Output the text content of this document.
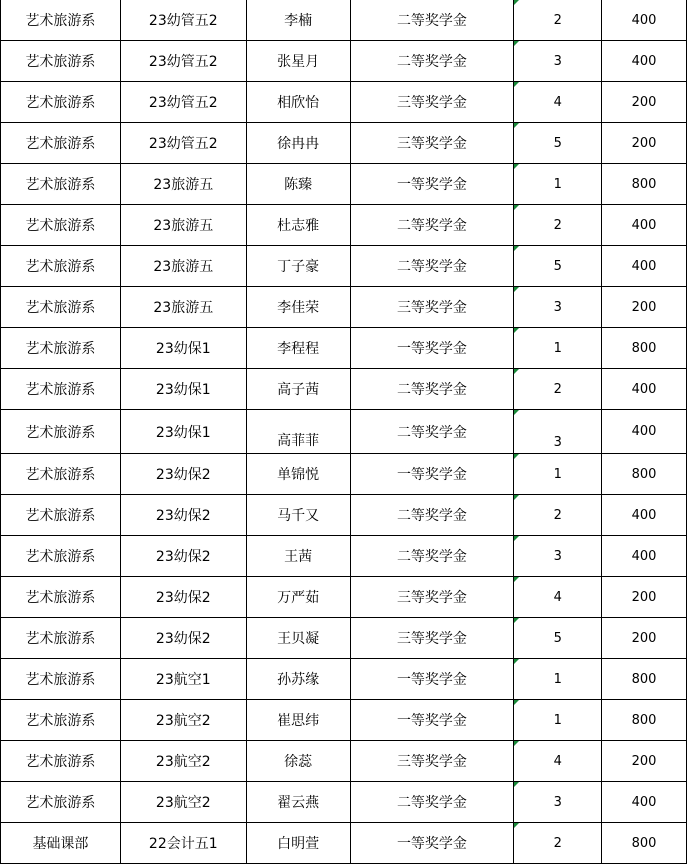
艺术旅游系	23幼管五2	李楠	二等奖学金	2	400
艺术旅游系	23幼管五2	张星月	二等奖学金	3	400
艺术旅游系	23幼管五2	相欣怡	三等奖学金	4	200
艺术旅游系	23幼管五2	徐冉冉	三等奖学金	5	200
艺术旅游系	23旅游五	陈臻	一等奖学金	1	800
艺术旅游系	23旅游五	杜志雅	二等奖学金	2	400
艺术旅游系	23旅游五	丁子豪	二等奖学金	5	400
艺术旅游系	23旅游五	李佳荣	三等奖学金	3	200
艺术旅游系	23幼保1	李程程	一等奖学金	1	800
艺术旅游系	23幼保1	高子茜	二等奖学金	2	400
艺术旅游系	23幼保1	高菲菲	二等奖学金	3	400
艺术旅游系	23幼保2	单锦悦	一等奖学金	1	800
艺术旅游系	23幼保2	马千又	二等奖学金	2	400
艺术旅游系	23幼保2	王茜	二等奖学金	3	400
艺术旅游系	23幼保2	万严茹	三等奖学金	4	200
艺术旅游系	23幼保2	王贝凝	三等奖学金	5	200
艺术旅游系	23航空1	孙苏缘	一等奖学金	1	800
艺术旅游系	23航空2	崔思纬	一等奖学金	1	800
艺术旅游系	23航空2	徐蕊	三等奖学金	4	200
艺术旅游系	23航空2	翟云燕	二等奖学金	3	400
基础课部	22会计五1	白明萱	一等奖学金	2	800
